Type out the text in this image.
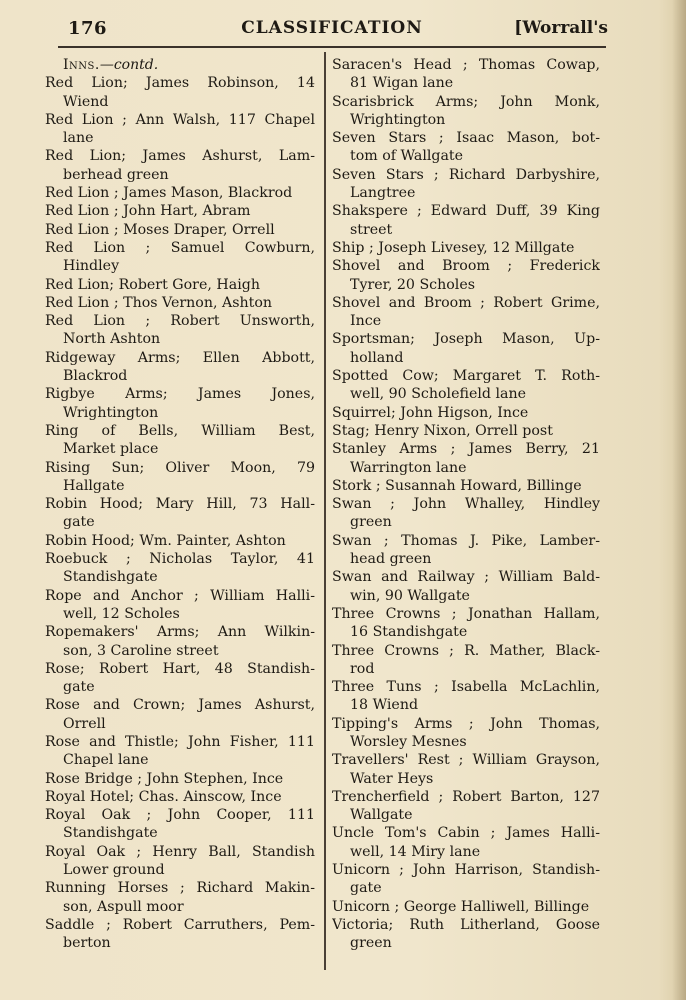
176	CLASSIFICATION	[Worrall's
Inns.—contd.
Red Lion; James Robinson, 14
Wiend
Red Lion ; Ann Walsh, 117 Chapel
lane
Red Lion; James Ashurst, Lam-
berhead green
Red Lion ; James Mason, Blackrod
Red Lion ; John Hart, Abram
Red Lion ; Moses Draper, Orrell
Red Lion ; Samuel Cowburn,
Hindley
Red Lion; Robert Gore, Haigh
Red Lion ; Thos Vernon, Ashton
Red Lion ; Robert Unsworth,
North Ashton
Ridgeway Arms; Ellen Abbott,
Blackrod
Rigbye Arms; James Jones,
Wrightington
Ring of Bells, William Best,
Market place
Rising Sun; Oliver Moon, 79
Hallgate
Robin Hood; Mary Hill, 73 Hall-
gate
Robin Hood; Wm. Painter, Ashton
Roebuck ; Nicholas Taylor, 41
Standishgate
Rope and Anchor ; William Halli-
well, 12 Scholes
Ropemakers' Arms; Ann Wilkin-
son, 3 Caroline street
Rose; Robert Hart, 48 Standish-
gate
Rose and Crown; James Ashurst,
Orrell
Rose and Thistle; John Fisher, 111
Chapel lane
Rose Bridge ; John Stephen, Ince
Royal Hotel; Chas. Ainscow, Ince
Royal Oak ; John Cooper, 111
Standishgate
Royal Oak ; Henry Ball, Standish
Lower ground
Running Horses ; Richard Makin-
son, Aspull moor
Saddle ; Robert Carruthers, Pem-
berton
Saracen's Head ; Thomas Cowap,
81 Wigan lane
Scarisbrick Arms; John Monk,
Wrightington
Seven Stars ; Isaac Mason, bot-
tom of Wallgate
Seven Stars ; Richard Darbyshire,
Langtree
Shakspere ; Edward Duff, 39 King
street
Ship ; Joseph Livesey, 12 Millgate
Shovel and Broom ; Frederick
Tyrer, 20 Scholes
Shovel and Broom ; Robert Grime,
Ince
Sportsman; Joseph Mason, Up-
holland
Spotted Cow; Margaret T. Roth-
well, 90 Scholefield lane
Squirrel; John Higson, Ince
Stag; Henry Nixon, Orrell post
Stanley Arms ; James Berry, 21
Warrington lane
Stork ; Susannah Howard, Billinge
Swan ; John Whalley, Hindley
green
Swan ; Thomas J. Pike, Lamber-
head green
Swan and Railway ; William Bald-
win, 90 Wallgate
Three Crowns ; Jonathan Hallam,
16 Standishgate
Three Crowns ; R. Mather, Black-
rod
Three Tuns ; Isabella McLachlin,
18 Wiend
Tipping's Arms ; John Thomas,
Worsley Mesnes
Travellers' Rest ; William Grayson,
Water Heys
Trencherfield ; Robert Barton, 127
Wallgate
Uncle Tom's Cabin ; James Halli-
well, 14 Miry lane
Unicorn ; John Harrison, Standish-
gate
Unicorn ; George Halliwell, Billinge
Victoria; Ruth Litherland, Goose
green
